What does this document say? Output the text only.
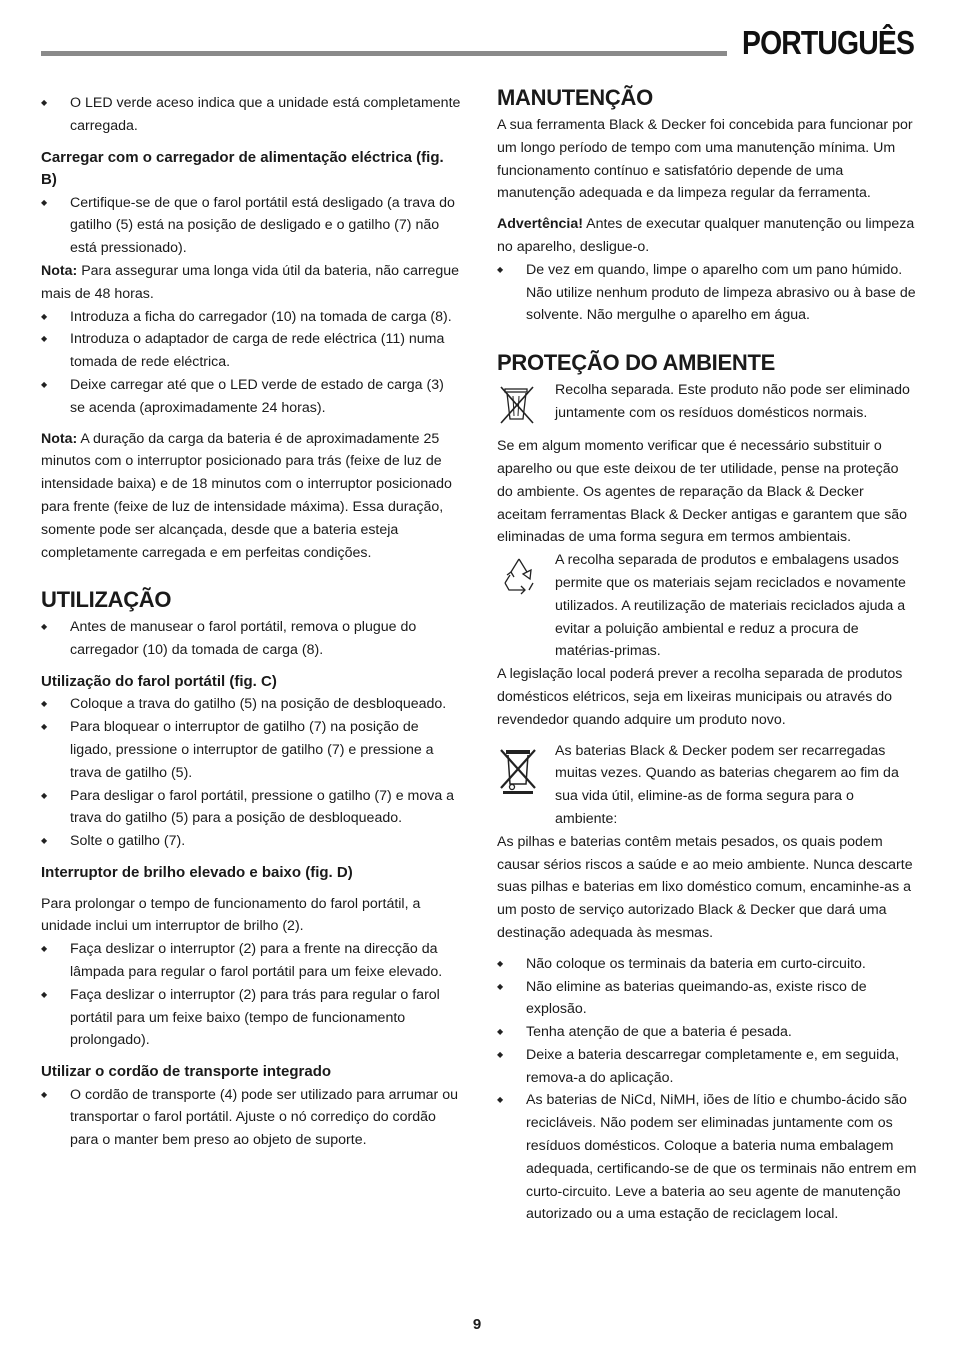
PORTUGUÊS
◆ O LED verde aceso indica que a unidade está completamente carregada.

Carregar com o carregador de alimentação eléctrica (fig. B)

◆ Certifique-se de que o farol portátil está desligado (a trava do gatilho (5) está na posição de desligado e o gatilho (7) não está pressionado).

Nota: Para assegurar uma longa vida útil da bateria, não carregue mais de 48 horas.

◆ Introduza a ficha do carregador (10) na tomada de carga (8).
◆ Introduza o adaptador de carga de rede eléctrica (11) numa tomada de rede eléctrica.
◆ Deixe carregar até que o LED verde de estado de carga (3) se acenda (aproximadamente 24 horas).

Nota: A duração da carga da bateria é de aproximadamente 25 minutos com o interruptor posicionado para trás (feixe de luz de intensidade baixa) e de 18 minutos com o interruptor posicionado para frente (feixe de luz de intensidade máxima). Essa duração, somente pode ser alcançada, desde que a bateria esteja completamente carregada e em perfeitas condições.

UTILIZAÇÃO

◆ Antes de manusear o farol portátil, remova o plugue do carregador (10) da tomada de carga (8).

Utilização do farol portátil (fig. C)

◆ Coloque a trava do gatilho (5) na posição de desbloqueado.
◆ Para bloquear o interruptor de gatilho (7) na posição de ligado, pressione o interruptor de gatilho (7) e pressione a trava de gatilho (5).
◆ Para desligar o farol portátil, pressione o gatilho (7) e mova a trava do gatilho (5) para a posição de desbloqueado.
◆ Solte o gatilho (7).

Interruptor de brilho elevado e baixo (fig. D)

Para prolongar o tempo de funcionamento do farol portátil, a unidade inclui um interruptor de brilho (2).

◆ Faça deslizar o interruptor (2) para a frente na direcção da lâmpada para regular o farol portátil para um feixe elevado.
◆ Faça deslizar o interruptor (2) para trás para regular o farol portátil para um feixe baixo (tempo de funcionamento prolongado).

Utilizar o cordão de transporte integrado

◆ O cordão de transporte (4) pode ser utilizado para arrumar ou transportar o farol portátil. Ajuste o nó corrediço do cordão para o manter bem preso ao objeto de suporte.

MANUTENÇÃO

A sua ferramenta Black & Decker foi concebida para funcionar por um longo período de tempo com uma manutenção mínima. Um funcionamento contínuo e satisfatório depende de uma manutenção adequada e da limpeza regular da ferramenta.

Advertência! Antes de executar qualquer manutenção ou limpeza no aparelho, desligue-o.

◆ De vez em quando, limpe o aparelho com um pano húmido. Não utilize nenhum produto de limpeza abrasivo ou à base de solvente. Não mergulhe o aparelho em água.

PROTEÇÃO DO AMBIENTE

Recolha separada. Este produto não pode ser eliminado juntamente com os resíduos domésticos normais.

Se em algum momento verificar que é necessário substituir o aparelho ou que este deixou de ter utilidade, pense na proteção do ambiente. Os agentes de reparação da Black & Decker aceitam ferramentas Black & Decker antigas e garantem que são eliminadas de uma forma segura em termos ambientais.

A recolha separada de produtos e embalagens usados permite que os materiais sejam reciclados e novamente utilizados. A reutilização de materiais reciclados ajuda a evitar a poluição ambiental e reduz a procura de matérias-primas.

A legislação local poderá prever a recolha separada de produtos domésticos elétricos, seja em lixeiras municipais ou através do revendedor quando adquire um produto novo.

As baterias Black & Decker podem ser recarregadas muitas vezes. Quando as baterias chegarem ao fim da sua vida útil, elimine-as de forma segura para o ambiente:

As pilhas e baterias contêm metais pesados, os quais podem causar sérios riscos a saúde e ao meio ambiente. Nunca descarte suas pilhas e baterias em lixo doméstico comum, encaminhe-as a um posto de serviço autorizado Black & Decker que dará uma destinação adequada às mesmas.

◆ Não coloque os terminais da bateria em curto-circuito.
◆ Não elimine as baterias queimando-as, existe risco de explosão.
◆ Tenha atenção de que a bateria é pesada.
◆ Deixe a bateria descarregar completamente e, em seguida, remova-a do aplicação.
◆ As baterias de NiCd, NiMH, iões de lítio e chumbo-ácido são recicláveis. Não podem ser eliminadas juntamente com os resíduos domésticos. Coloque a bateria numa embalagem adequada, certificando-se de que os terminais não entrem em curto-circuito. Leve a bateria ao seu agente de manutenção autorizado ou a uma estação de reciclagem local.
9
